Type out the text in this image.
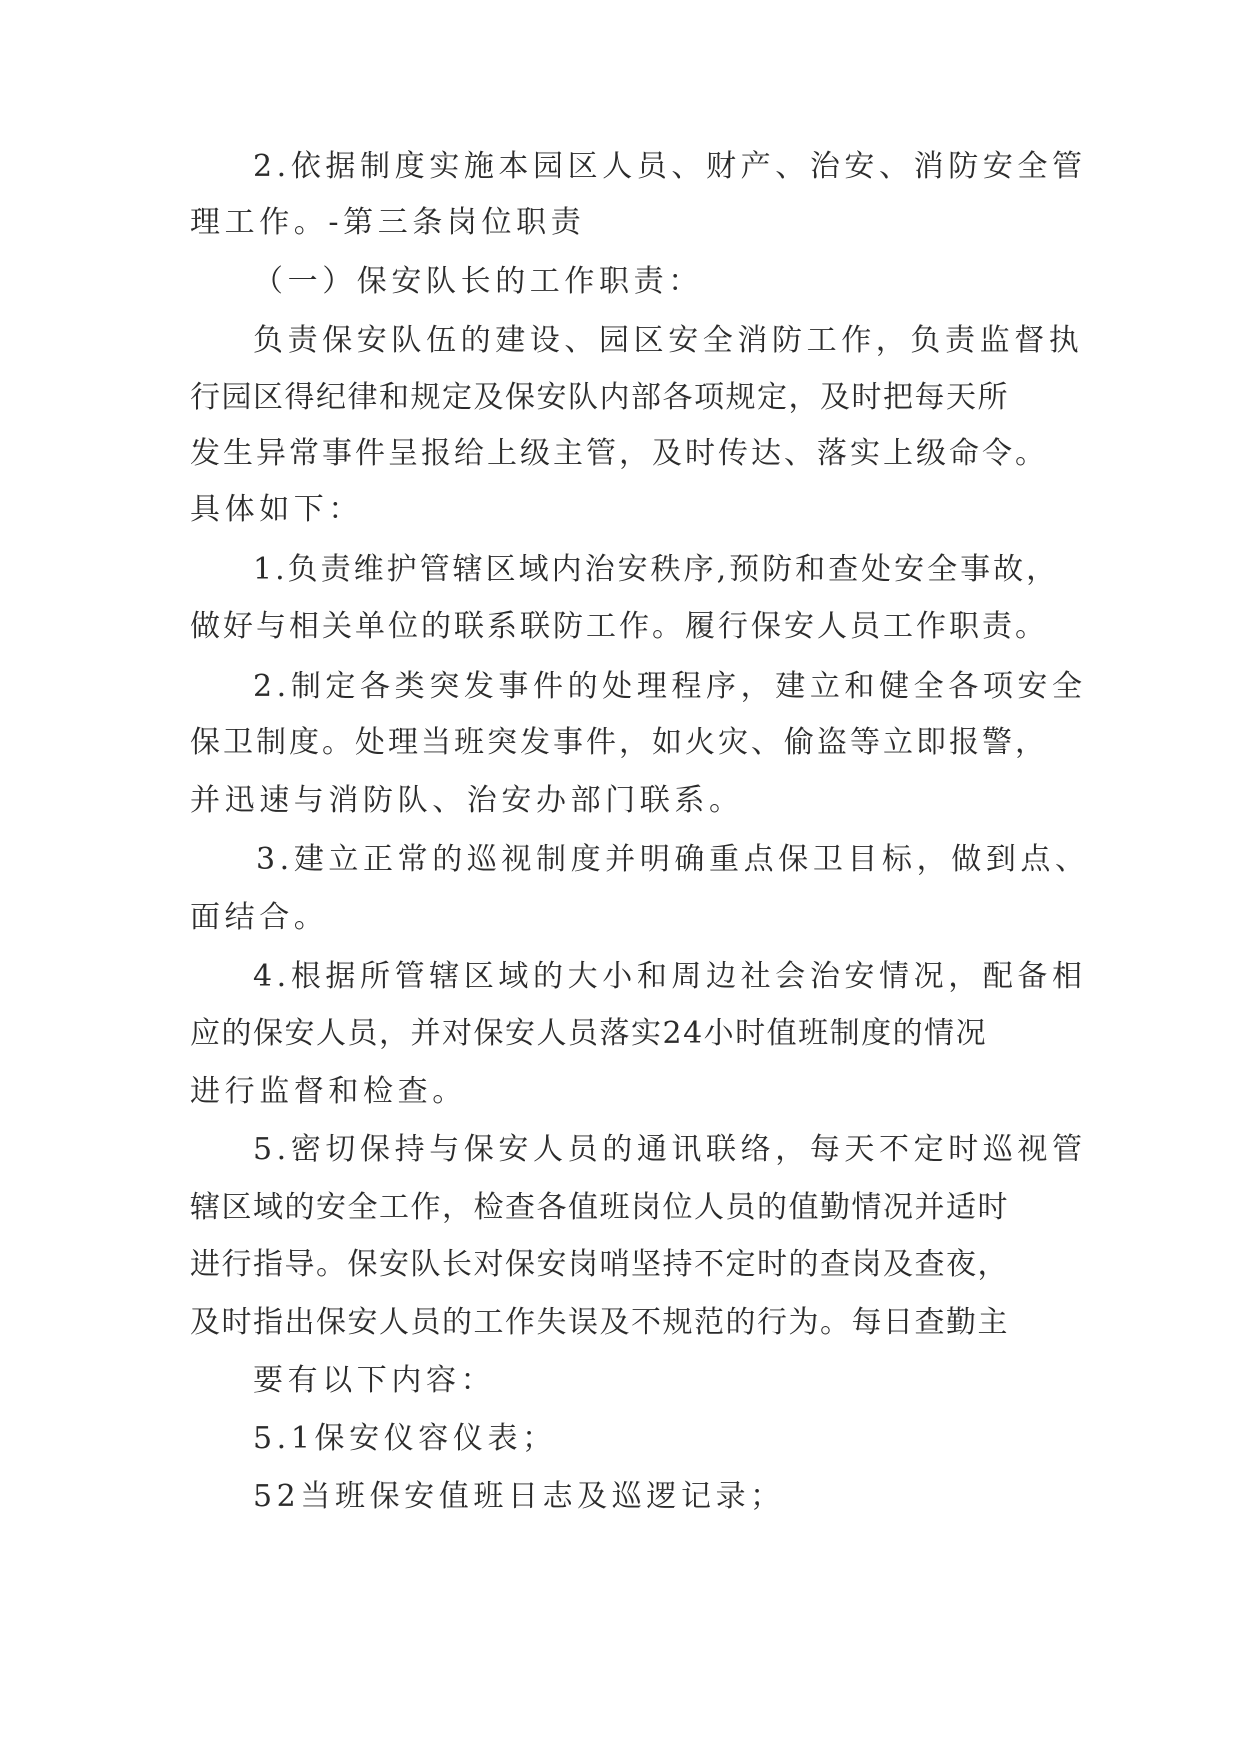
2.依据制度实施本园区人员、财产、治安、消防安全管
理工作。-第三条岗位职责
（一）保安队长的工作职责：
负责保安队伍的建设、园区安全消防工作，负责监督执
行园区得纪律和规定及保安队内部各项规定，及时把每天所
发生异常事件呈报给上级主管，及时传达、落实上级命令。
具体如下：
1.负责维护管辖区域内治安秩序,预防和查处安全事故，
做好与相关单位的联系联防工作。履行保安人员工作职责。
2.制定各类突发事件的处理程序，建立和健全各项安全
保卫制度。处理当班突发事件，如火灾、偷盗等立即报警，
并迅速与消防队、治安办部门联系。
3.建立正常的巡视制度并明确重点保卫目标，做到点、
面结合。
4.根据所管辖区域的大小和周边社会治安情况，配备相
应的保安人员，并对保安人员落实24小时值班制度的情况
进行监督和检查。
5.密切保持与保安人员的通讯联络，每天不定时巡视管
辖区域的安全工作，检查各值班岗位人员的值勤情况并适时
进行指导。保安队长对保安岗哨坚持不定时的查岗及查夜，
及时指出保安人员的工作失误及不规范的行为。每日查勤主
要有以下内容：
5.1保安仪容仪表；
52当班保安值班日志及巡逻记录；
